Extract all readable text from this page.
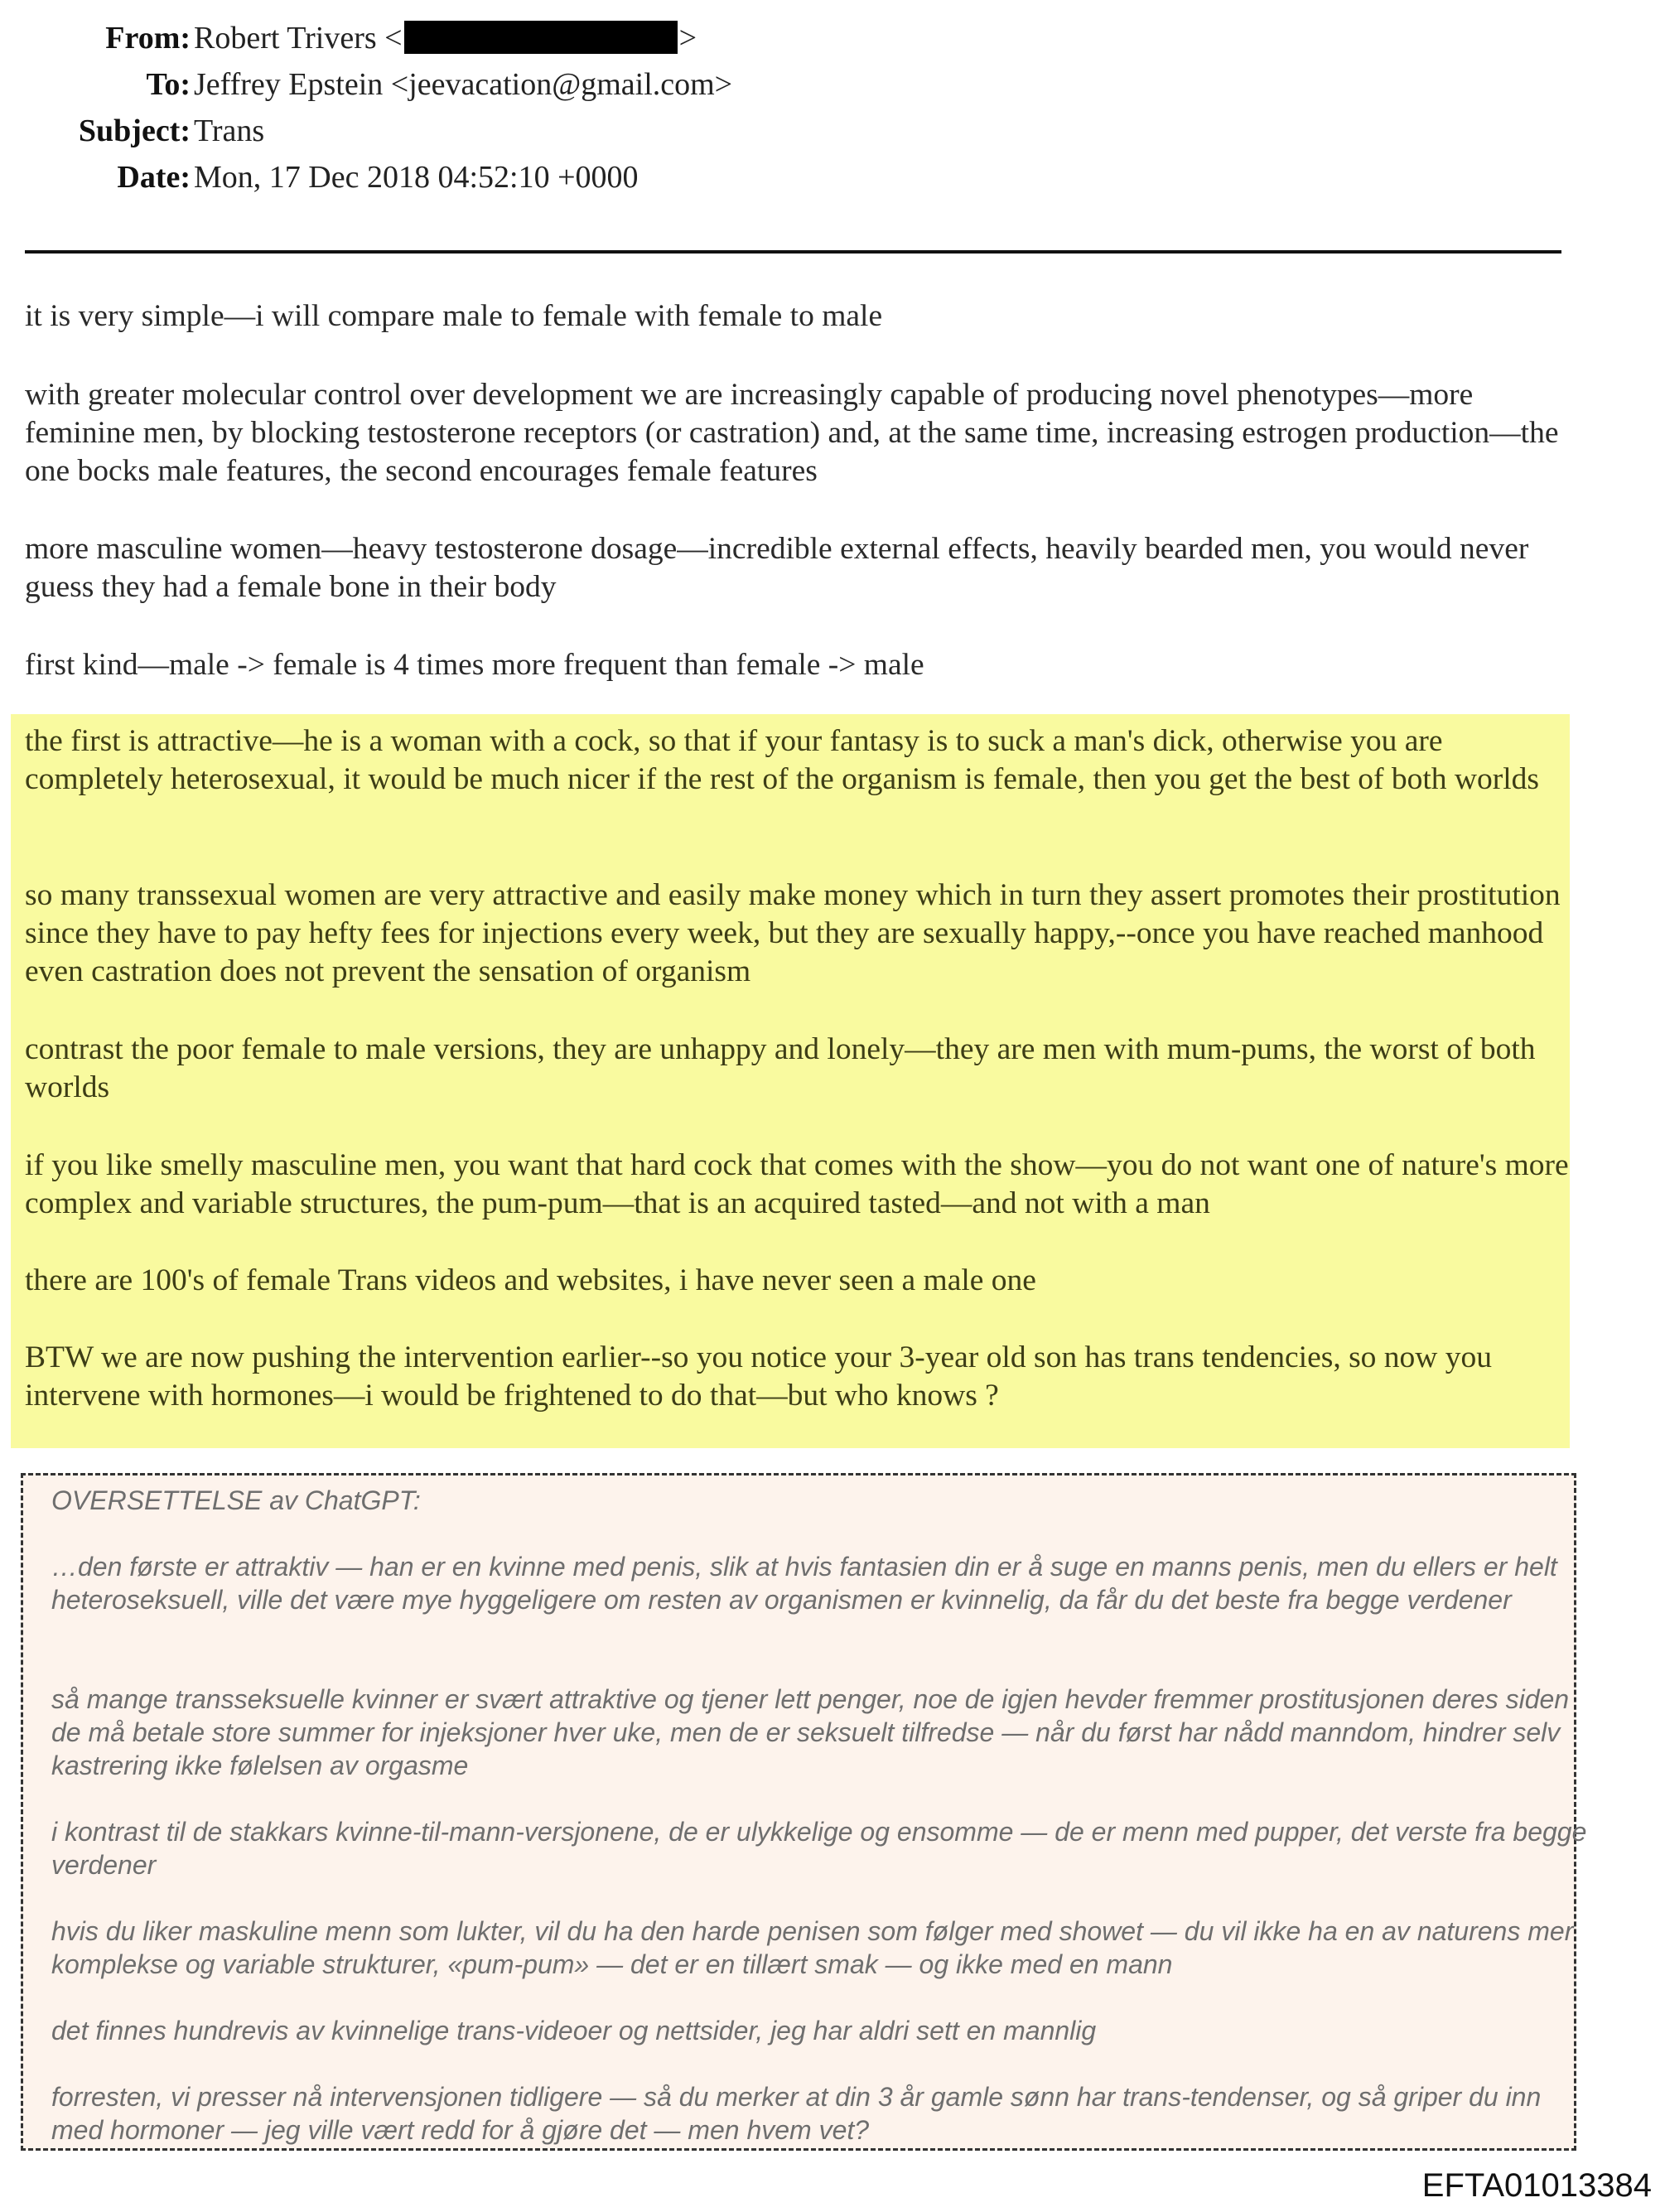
From: Robert Trivers <	>
To: Jeffrey Epstein <jeevacation@gmail.com>
Subject: Trans
Date: Mon, 17 Dec 2018 04:52:10 +0000

it is very simple—i will compare male to female with female to male

with greater molecular control over development we are increasingly capable of producing novel phenotypes—more feminine men, by blocking testosterone receptors (or castration) and, at the same time, increasing estrogen production—the one bocks male features, the second encourages female features

more masculine women—heavy testosterone dosage—incredible external effects, heavily bearded men, you would never guess they had a female bone in their body

first kind—male -> female is 4 times more frequent than female -> male

the first is attractive—he is a woman with a cock, so that if your fantasy is to suck a man's dick, otherwise you are completely heterosexual, it would be much nicer if the rest of the organism is female, then you get the best of both worlds

so many transsexual women are very attractive and easily make money which in turn they assert promotes their prostitution since they have to pay hefty fees for injections every week, but they are sexually happy,--once you have reached manhood even castration does not prevent the sensation of organism

contrast the poor female to male versions, they are unhappy and lonely—they are men with mum-pums, the worst of both worlds

if you like smelly masculine men, you want that hard cock that comes with the show—you do not want one of nature's more complex and variable structures, the pum-pum—that is an acquired tasted—and not with a man

there are 100's of female Trans videos and websites, i have never seen a male one

BTW we are now pushing the intervention earlier--so you notice your 3-year old son has trans tendencies, so now you intervene with hormones—i would be frightened to do that—but who knows ?

OVERSETTELSE av ChatGPT:

…den første er attraktiv — han er en kvinne med penis, slik at hvis fantasien din er å suge en manns penis, men du ellers er helt heteroseksuell, ville det være mye hyggeligere om resten av organismen er kvinnelig, da får du det beste fra begge verdener

så mange transseksuelle kvinner er svært attraktive og tjener lett penger, noe de igjen hevder fremmer prostitusjonen deres siden de må betale store summer for injeksjoner hver uke, men de er seksuelt tilfredse — når du først har nådd manndom, hindrer selv kastrering ikke følelsen av orgasme

i kontrast til de stakkars kvinne-til-mann-versjonene, de er ulykkelige og ensomme — de er menn med pupper, det verste fra begge verdener

hvis du liker maskuline menn som lukter, vil du ha den harde penisen som følger med showet — du vil ikke ha en av naturens mer komplekse og variable strukturer, «pum-pum» — det er en tillært smak — og ikke med en mann

det finnes hundrevis av kvinnelige trans-videoer og nettsider, jeg har aldri sett en mannlig

forresten, vi presser nå intervensjonen tidligere — så du merker at din 3 år gamle sønn har trans-tendenser, og så griper du inn med hormoner — jeg ville vært redd for å gjøre det — men hvem vet?

EFTA01013384
